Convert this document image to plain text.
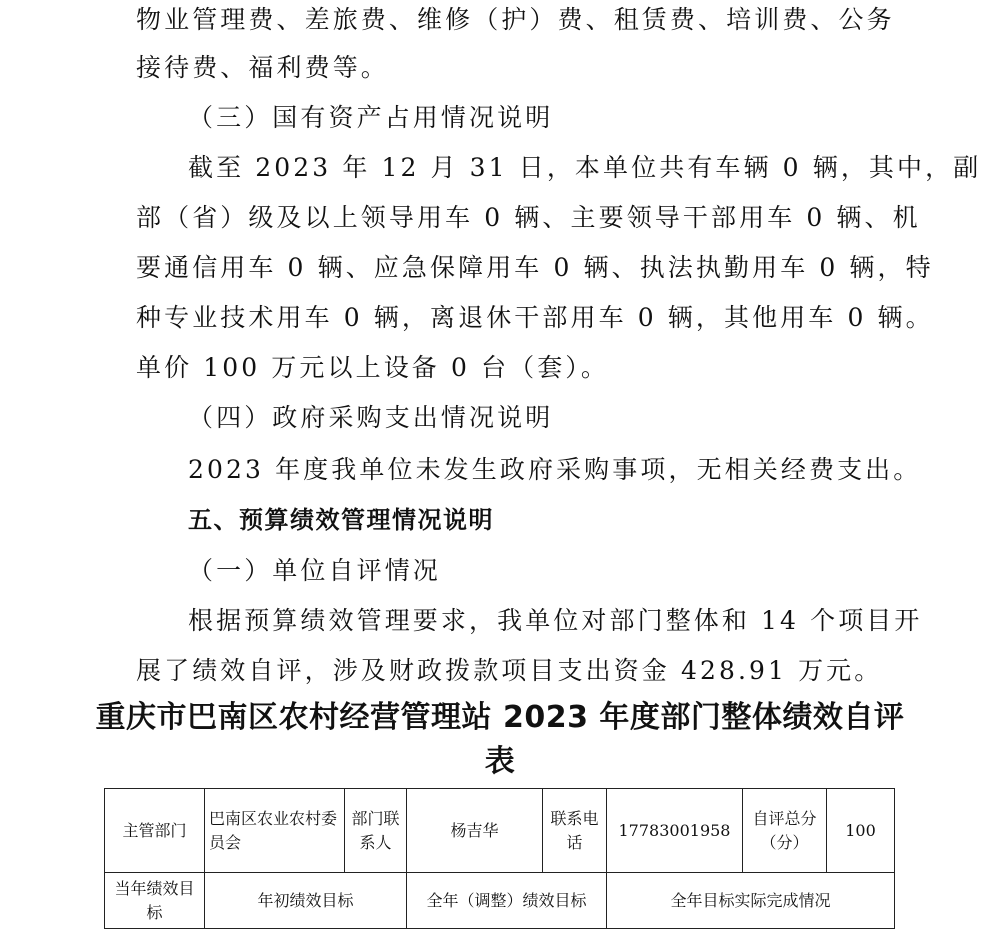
物业管理费、差旅费、维修（护）费、租赁费、培训费、公务
接待费、福利费等。
（三）国有资产占用情况说明
截至 2023 年 12 月 31 日，本单位共有车辆 0 辆，其中，副
部（省）级及以上领导用车 0 辆、主要领导干部用车 0 辆、机
要通信用车 0 辆、应急保障用车 0 辆、执法执勤用车 0 辆，特
种专业技术用车 0 辆，离退休干部用车 0 辆，其他用车 0 辆。
单价 100 万元以上设备 0 台（套）。
（四）政府采购支出情况说明
2023 年度我单位未发生政府采购事项，无相关经费支出。
五、预算绩效管理情况说明
（一）单位自评情况
根据预算绩效管理要求，我单位对部门整体和 14 个项目开
展了绩效自评，涉及财政拨款项目支出资金 428.91 万元。
重庆市巴南区农村经营管理站 2023 年度部门整体绩效自评
表
主管部门	巴南区农业农村委员会	部门联系人	杨吉华	联系电话	17783001958	自评总分（分）	100
当年绩效目标	年初绩效目标		全年（调整）绩效目标		全年目标实际完成情况		
